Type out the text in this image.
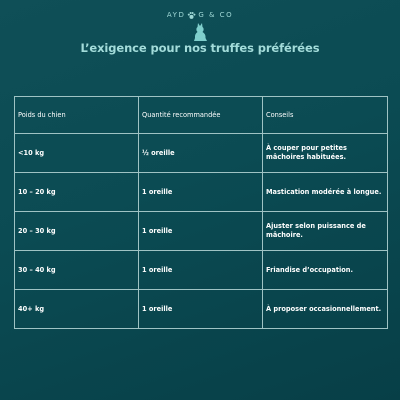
AYD G & CO
L’exigence pour nos truffes préférées
Poids du chien	Quantité recommandée	Conseils
<10 kg	½ oreille	À couper pour petites mâchoires habituées.
10 – 20 kg	1 oreille	Mastication modérée à longue.
20 – 30 kg	1 oreille	Ajuster selon puissance de mâchoire.
30 – 40 kg	1 oreille	Friandise d’occupation.
40+ kg	1 oreille	À proposer occasionnellement.
